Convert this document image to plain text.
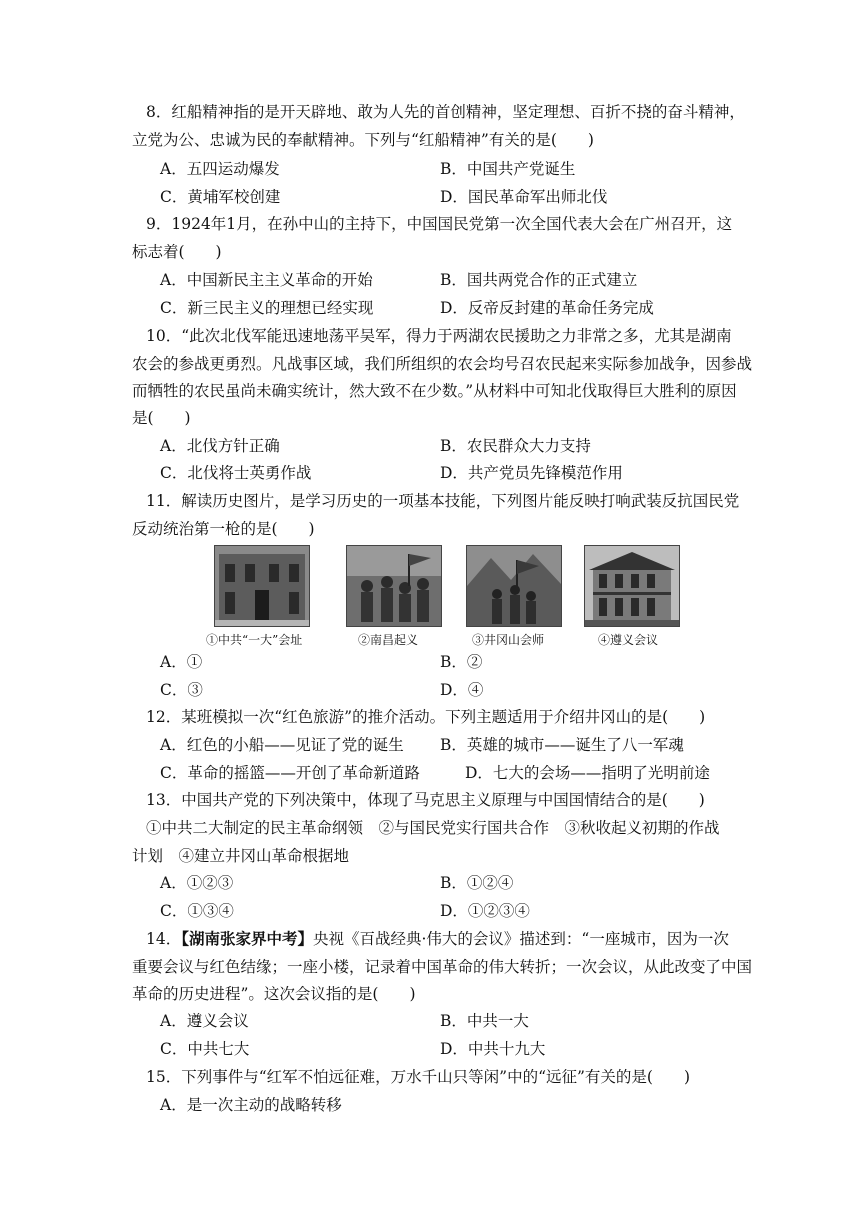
8．红船精神指的是开天辟地、敢为人先的首创精神，坚定理想、百折不挠的奋斗精神，
立党为公、忠诚为民的奉献精神。下列与“红船精神”有关的是(　　)
A．五四运动爆发	B．中国共产党诞生
C．黄埔军校创建	D．国民革命军出师北伐
9．1924年1月，在孙中山的主持下，中国国民党第一次全国代表大会在广州召开，这
标志着(　　)
A．中国新民主主义革命的开始	B．国共两党合作的正式建立
C．新三民主义的理想已经实现	D．反帝反封建的革命任务完成
10．“此次北伐军能迅速地荡平吴军，得力于两湖农民援助之力非常之多，尤其是湖南
农会的参战更勇烈。凡战事区域，我们所组织的农会均号召农民起来实际参加战争，因参战
而牺牲的农民虽尚未确实统计，然大致不在少数。”从材料中可知北伐取得巨大胜利的原因
是(　　)
A．北伐方针正确	B．农民群众大力支持
C．北伐将士英勇作战	D．共产党员先锋模范作用
11．解读历史图片，是学习历史的一项基本技能，下列图片能反映打响武装反抗国民党
反动统治第一枪的是(　　)
①中共“一大”会址	②南昌起义	③井冈山会师	④遵义会议
A．①	B．②
C．③	D．④
12．某班模拟一次“红色旅游”的推介活动。下列主题适用于介绍井冈山的是(　　)
A．红色的小船——见证了党的诞生 B．英雄的城市——诞生了八一军魂
C．革命的摇篮——开创了革命新道路	D．七大的会场——指明了光明前途
13．中国共产党的下列决策中，体现了马克思主义原理与中国国情结合的是(　　)
①中共二大制定的民主革命纲领　②与国民党实行国共合作　③秋收起义初期的作战
计划　④建立井冈山革命根据地
A．①②③	B．①②④
C．①③④	D．①②③④
14．【湖南张家界中考】央视《百战经典·伟大的会议》描述到：“一座城市，因为一次
重要会议与红色结缘；一座小楼，记录着中国革命的伟大转折；一次会议，从此改变了中国
革命的历史进程”。这次会议指的是(　　)
A．遵义会议	B．中共一大
C．中共七大	D．中共十九大
15．下列事件与“红军不怕远征难，万水千山只等闲”中的“远征”有关的是(　　)
A．是一次主动的战略转移
